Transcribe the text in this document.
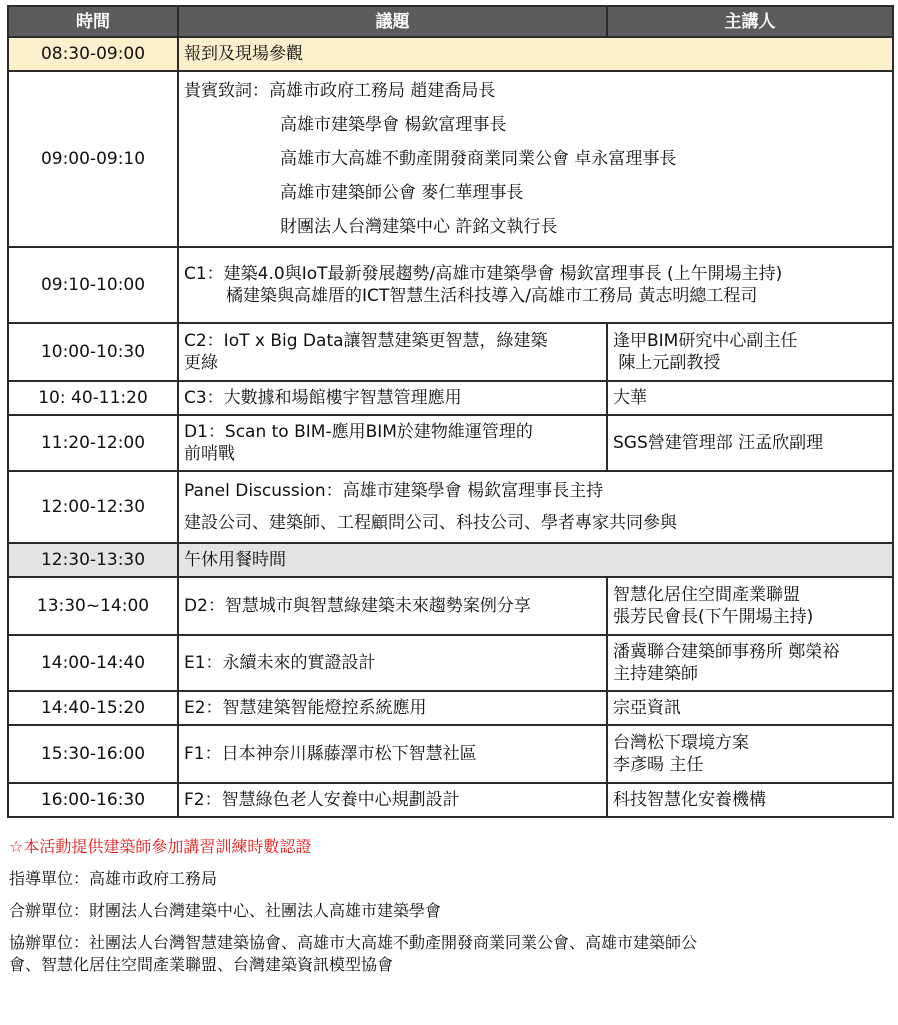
時間	議題	主講人
08:30-09:00	報到及現場參觀	

09:00-09:10	貴賓致詞：高雄市政府工務局 趙建喬局長
高雄市建築學會 楊欽富理事長
高雄市大高雄不動產開發商業同業公會 卓永富理事長
高雄市建築師公會 麥仁華理事長
財團法人台灣建築中心 許銘文執行長	

09:10-10:00	C1：建築4.0與IoT最新發展趨勢/高雄市建築學會 楊欽富理事長 (上午開場主持)
橘建築與高雄厝的ICT智慧生活科技導入/高雄市工務局 黃志明總工程司	

10:00-10:30	C2：IoT x Big Data讓智慧建築更智慧，綠建築
更綠	逢甲BIM研究中心副主任
陳上元副教授

10: 40-11:20	C3：大數據和場館樓宇智慧管理應用	大華

11:20-12:00	D1：Scan to BIM-應用BIM於建物維運管理的
前哨戰	SGS營建管理部 汪孟欣副理

12:00-12:30	Panel Discussion：高雄市建築學會 楊欽富理事長主持
建設公司、建築師、工程顧問公司、科技公司、學者專家共同參與	

12:30-13:30	午休用餐時間	

13:30~14:00	D2：智慧城市與智慧綠建築未來趨勢案例分享	智慧化居住空間產業聯盟
張芳民會長(下午開場主持)

14:00-14:40	E1：永續未來的實證設計	潘冀聯合建築師事務所 鄭榮裕
主持建築師

14:40-15:20	E2：智慧建築智能燈控系統應用	宗亞資訊

15:30-16:00	F1：日本神奈川縣藤澤市松下智慧社區	台灣松下環境方案
李彥暘 主任

16:00-16:30	F2：智慧綠色老人安養中心規劃設計	科技智慧化安養機構
☆本活動提供建築師參加講習訓練時數認證
指導單位：高雄市政府工務局
合辦單位：財團法人台灣建築中心、社團法人高雄市建築學會
協辦單位：社團法人台灣智慧建築協會、高雄市大高雄不動產開發商業同業公會、高雄市建築師公
會、智慧化居住空間產業聯盟、台灣建築資訊模型協會
